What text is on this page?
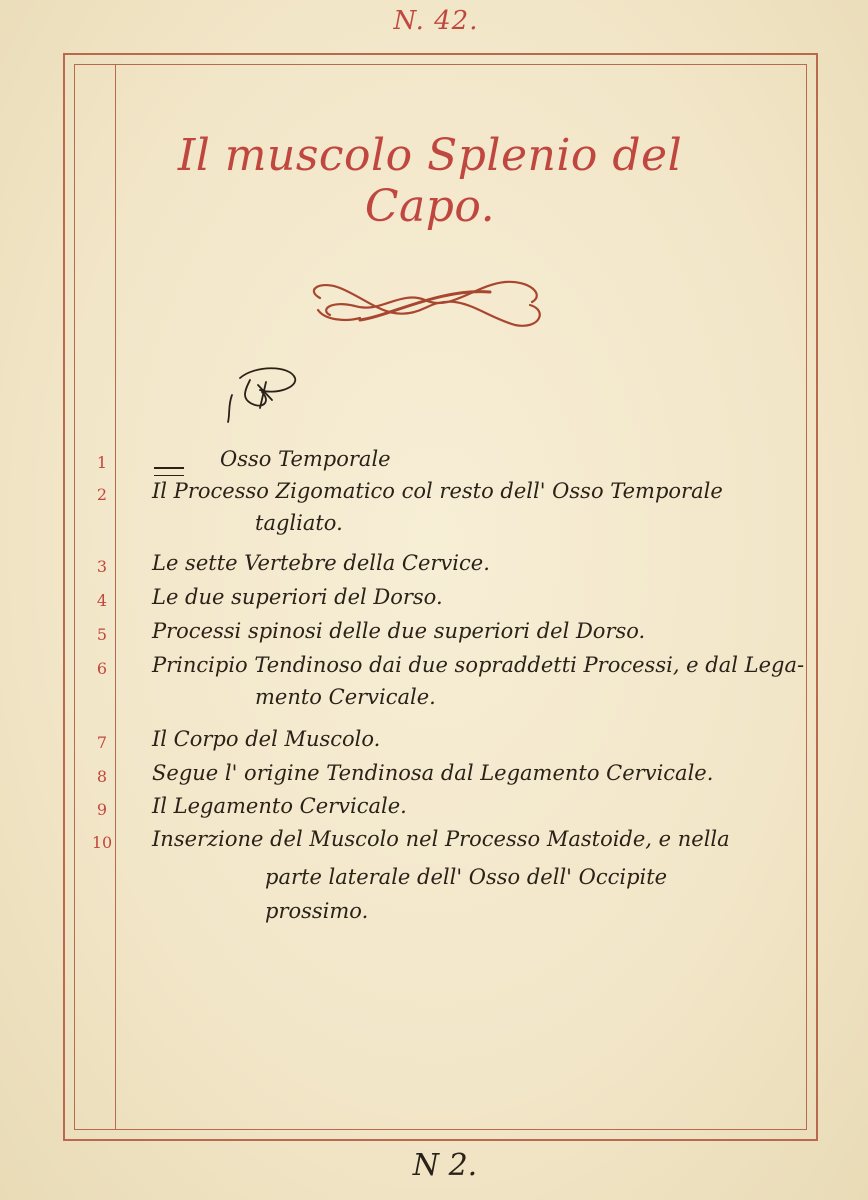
N. 42.
Il muscolo Splenio del Capo.
1	Osso Temporale
2	Il Processo Zigomatico col resto dell' Osso Temporale
tagliato.
3	Le sette Vertebre della Cervice.
4	Le due superiori del Dorso.
5	Processi spinosi delle due superiori del Dorso.
6	Principio Tendinoso dai due sopraddetti Processi, e dal Lega-
mento Cervicale.
7	Il Corpo del Muscolo.
8	Segue l' origine Tendinosa dal Legamento Cervicale.
9	Il Legamento Cervicale.
10	Inserzione del Muscolo nel Processo Mastoide, e nella
parte laterale dell' Osso dell' Occipite
prossimo.
N 2.
